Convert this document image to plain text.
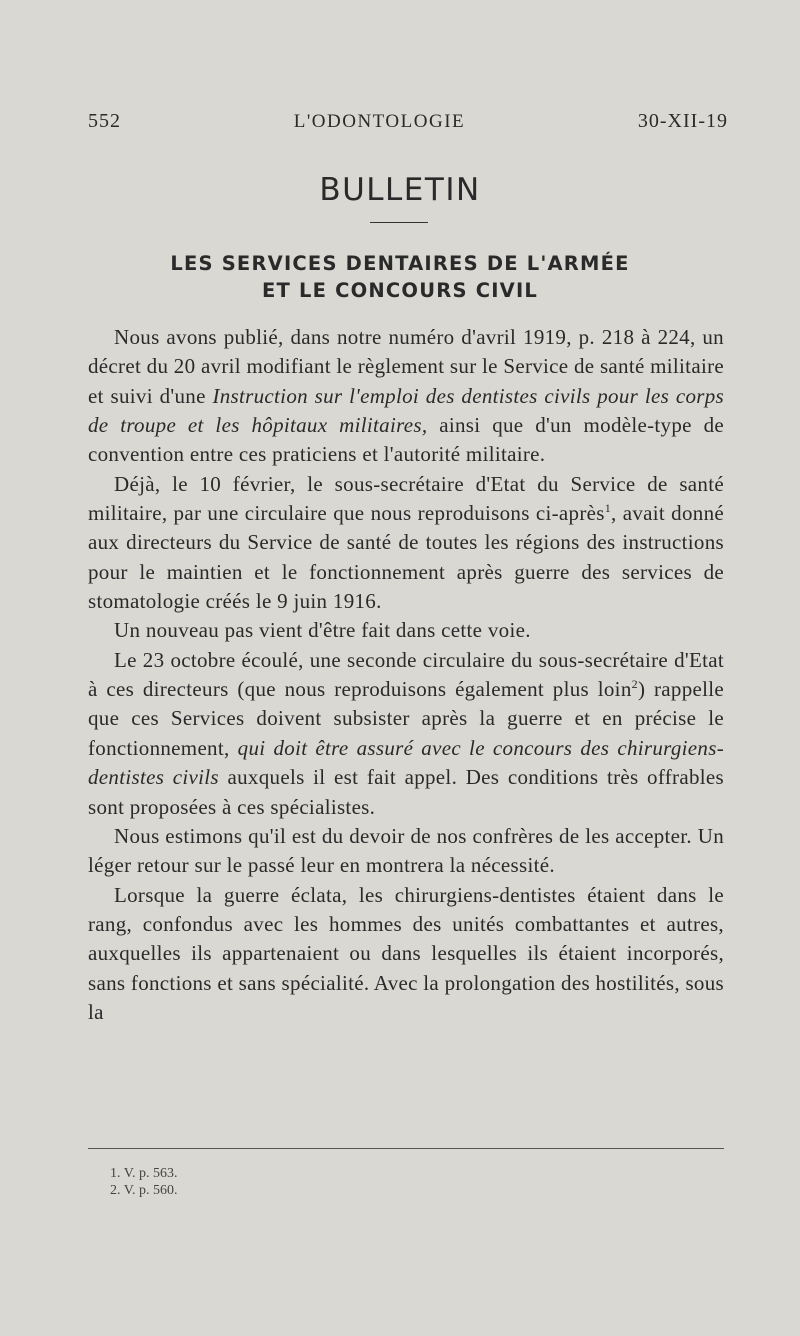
552	L'ODONTOLOGIE	30-XII-19
BULLETIN
LES SERVICES DENTAIRES DE L'ARMÉE
ET LE CONCOURS CIVIL

Nous avons publié, dans notre numéro d'avril 1919, p. 218 à 224, un décret du 20 avril modifiant le règlement sur le Service de santé militaire et suivi d'une Instruction sur l'emploi des dentistes civils pour les corps de troupe et les hôpitaux militaires, ainsi que d'un modèle-type de convention entre ces praticiens et l'autorité militaire.

Déjà, le 10 février, le sous-secrétaire d'Etat du Service de santé militaire, par une circulaire que nous reproduisons ci-après$^1$, avait donné aux directeurs du Service de santé de toutes les régions des instructions pour le maintien et le fonctionnement après guerre des services de stomatologie créés le 9 juin 1916.

Un nouveau pas vient d'être fait dans cette voie.

Le 23 octobre écoulé, une seconde circulaire du sous-secrétaire d'Etat à ces directeurs (que nous reproduisons également plus loin$^2$) rappelle que ces Services doivent subsister après la guerre et en précise le fonctionnement, qui doit être assuré avec le concours des chirurgiens-dentistes civils auxquels il est fait appel. Des conditions très offrables sont proposées à ces spécialistes.

Nous estimons qu'il est du devoir de nos confrères de les accepter. Un léger retour sur le passé leur en montrera la nécessité.

Lorsque la guerre éclata, les chirurgiens-dentistes étaient dans le rang, confondus avec les hommes des unités combattantes et autres, auxquelles ils appartenaient ou dans lesquelles ils étaient incorporés, sans fonctions et sans spécialité. Avec la prolongation des hostilités, sous la

1. V. p. 563.
2. V. p. 560.
